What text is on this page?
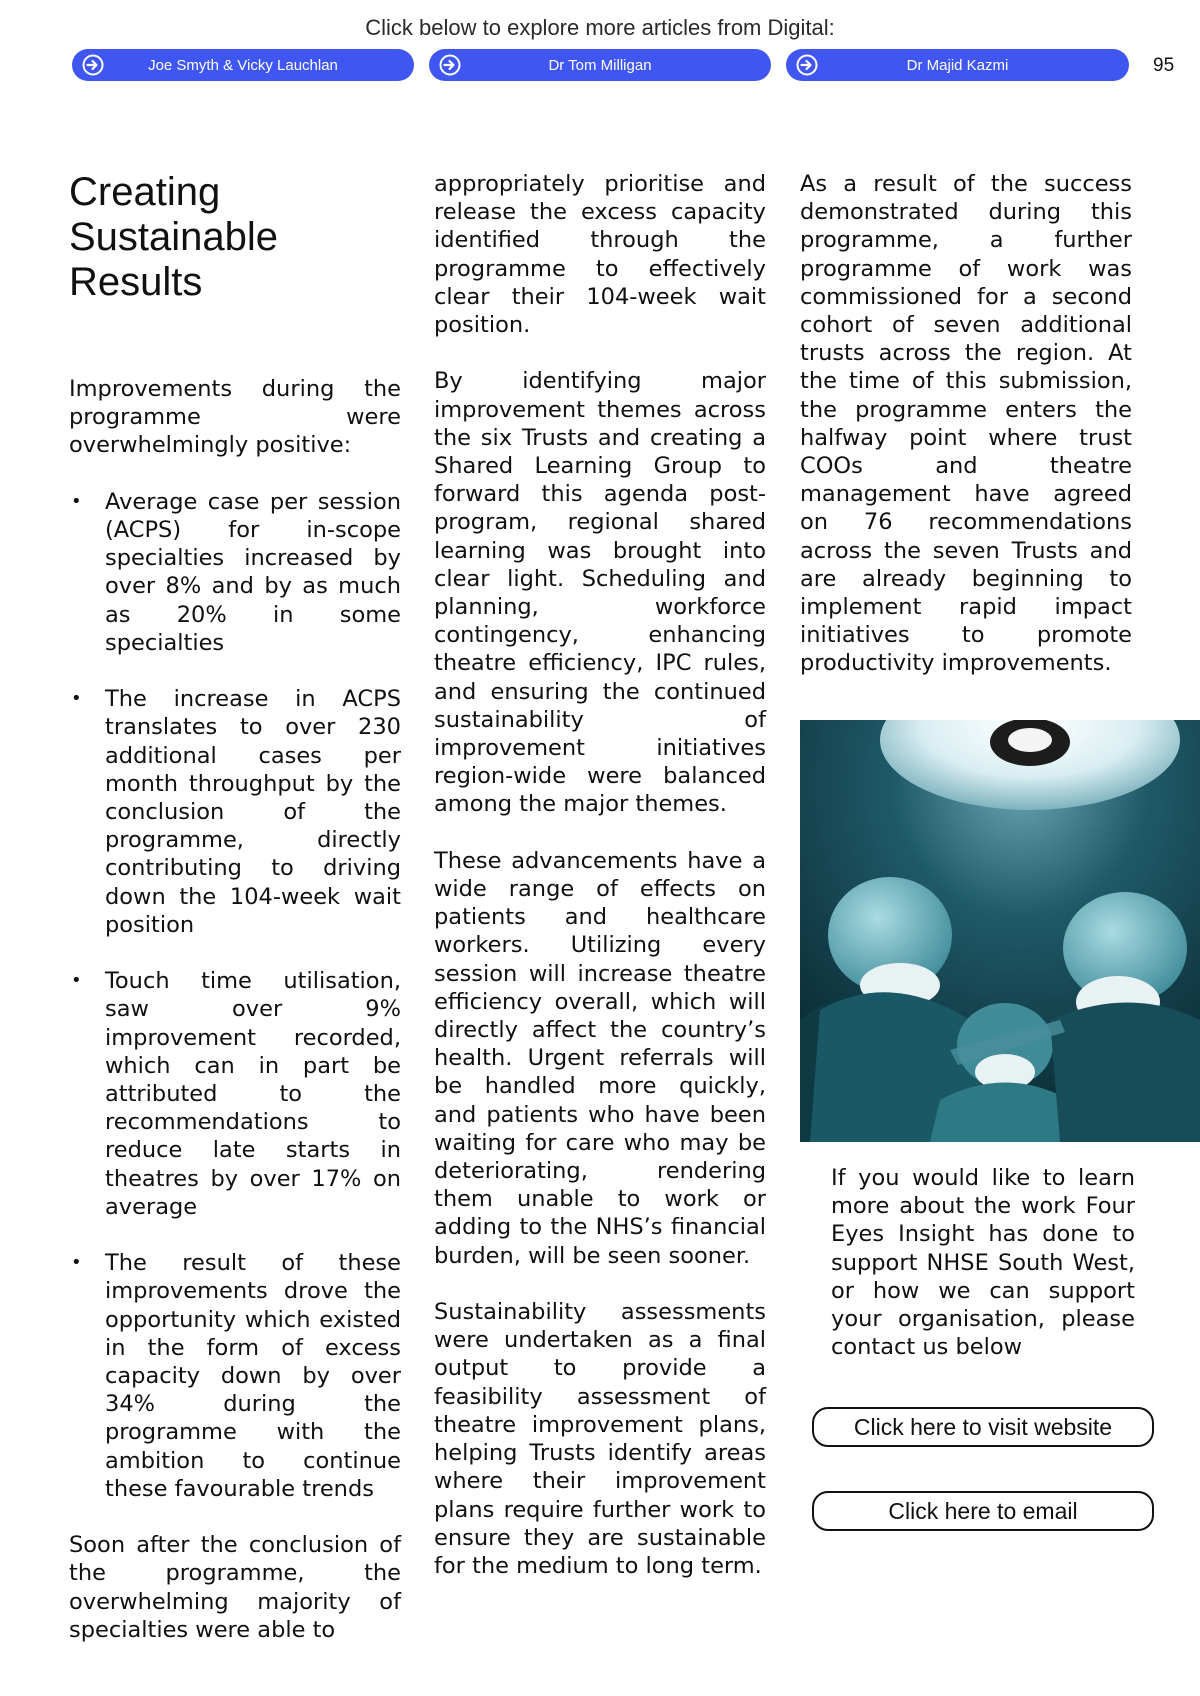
Click below to explore more articles from Digital:
Joe Smyth & Vicky Lauchlan	Dr Tom Milligan	Dr Majid Kazmi	95
Creating
Sustainable
Results

Improvements during the programme were overwhelmingly positive:

• Average case per session (ACPS) for in-scope specialties increased by over 8% and by as much as 20% in some specialties
• The increase in ACPS translates to over 230 additional cases per month throughput by the conclusion of the programme, directly contributing to driving down the 104-week wait position
• Touch time utilisation, saw over 9% improvement recorded, which can in part be attributed to the recommendations to reduce late starts in theatres by over 17% on average
• The result of these improvements drove the opportunity which existed in the form of excess capacity down by over 34% during the programme with the ambition to continue these favourable trends

Soon after the conclusion of the programme, the overwhelming majority of specialties were able to

appropriately prioritise and release the excess capacity identified through the programme to effectively clear their 104-week wait position.

By identifying major improvement themes across the six Trusts and creating a Shared Learning Group to forward this agenda post-program, regional shared learning was brought into clear light. Scheduling and planning, workforce contingency, enhancing theatre efficiency, IPC rules, and ensuring the continued sustainability of improvement initiatives region-wide were balanced among the major themes.

These advancements have a wide range of effects on patients and healthcare workers. Utilizing every session will increase theatre efficiency overall, which will directly affect the country’s health. Urgent referrals will be handled more quickly, and patients who have been waiting for care who may be deteriorating, rendering them unable to work or adding to the NHS’s financial burden, will be seen sooner.

Sustainability assessments were undertaken as a final output to provide a feasibility assessment of theatre improvement plans, helping Trusts identify areas where their improvement plans require further work to ensure they are sustainable for the medium to long term.

As a result of the success demonstrated during this programme, a further programme of work was commissioned for a second cohort of seven additional trusts across the region. At the time of this submission, the programme enters the halfway point where trust COOs and theatre management have agreed on 76 recommendations across the seven Trusts and are already beginning to implement rapid impact initiatives to promote productivity improvements.

If you would like to learn more about the work Four Eyes Insight has done to support NHSE South West, or how we can support your organisation, please contact us below
Click here to visit website
Click here to email
